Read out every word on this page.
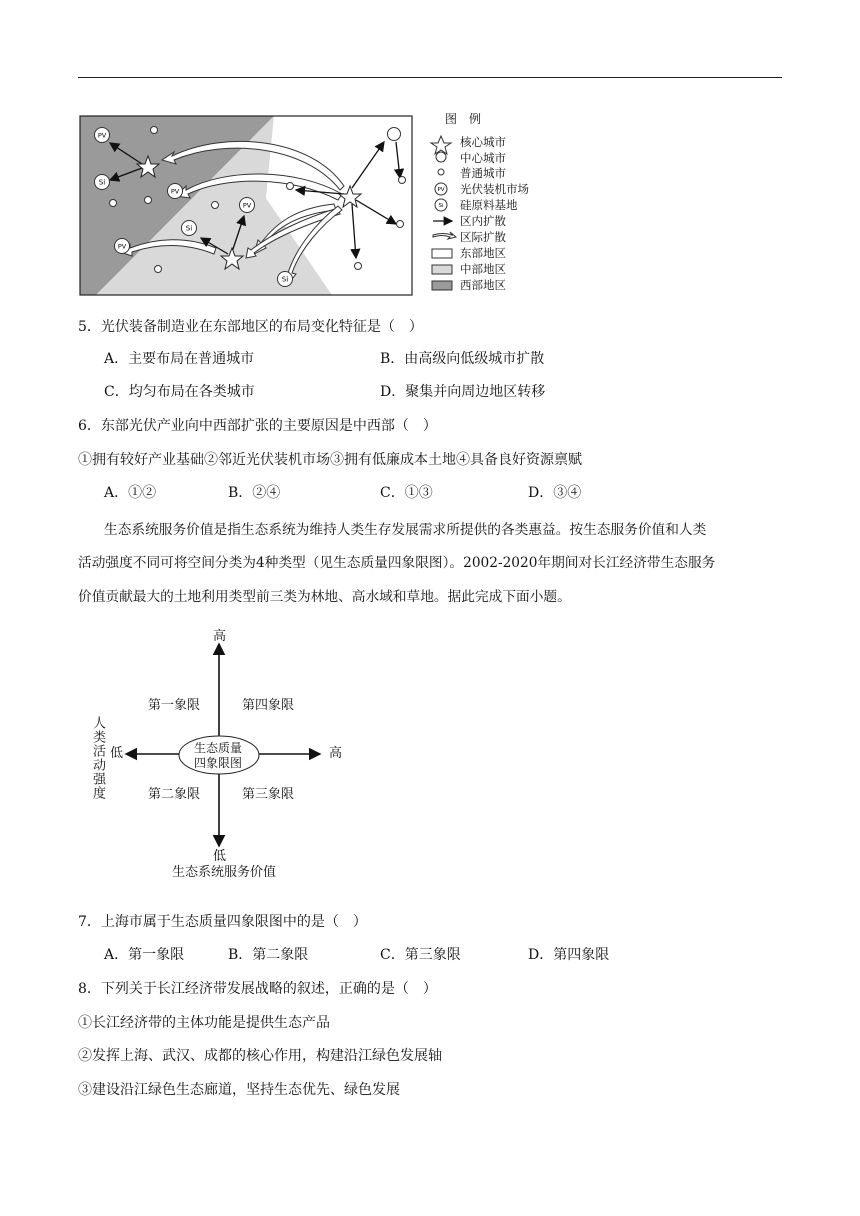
PV
PV
PV
PV
Si
Si
Si
PV
Si
图例
核心城市
中心城市
普通城市
光伏装机市场
硅原料基地
区内扩散
区际扩散
东部地区
中部地区
西部地区
5．光伏装备制造业在东部地区的布局变化特征是（　）
A．主要布局在普通城市	B．由高级向低级城市扩散
C．均匀布局在各类城市	D．聚集并向周边地区转移
6．东部光伏产业向中西部扩张的主要原因是中西部（　）
①拥有较好产业基础②邻近光伏装机市场③拥有低廉成本土地④具备良好资源禀赋
A．①②	B．②④	C．①③	D．③④
生态系统服务价值是指生态系统为维持人类生存发展需求所提供的各类惠益。按生态服务价值和人类
活动强度不同可将空间分类为4种类型（见生态质量四象限图）。2002-2020年期间对长江经济带生态服务
价值贡献最大的土地利用类型前三类为林地、高水域和草地。据此完成下面小题。
高
第一象限	第四象限
低	高
生态质量
四象限图
第二象限	第三象限
低
生态系统服务价值
人类活动强度
7．上海市属于生态质量四象限图中的是（　）
A．第一象限	B．第二象限	C．第三象限	D．第四象限
8．下列关于长江经济带发展战略的叙述，正确的是（　）
①长江经济带的主体功能是提供生态产品
②发挥上海、武汉、成都的核心作用，构建沿江绿色发展轴
③建设沿江绿色生态廊道，坚持生态优先、绿色发展
